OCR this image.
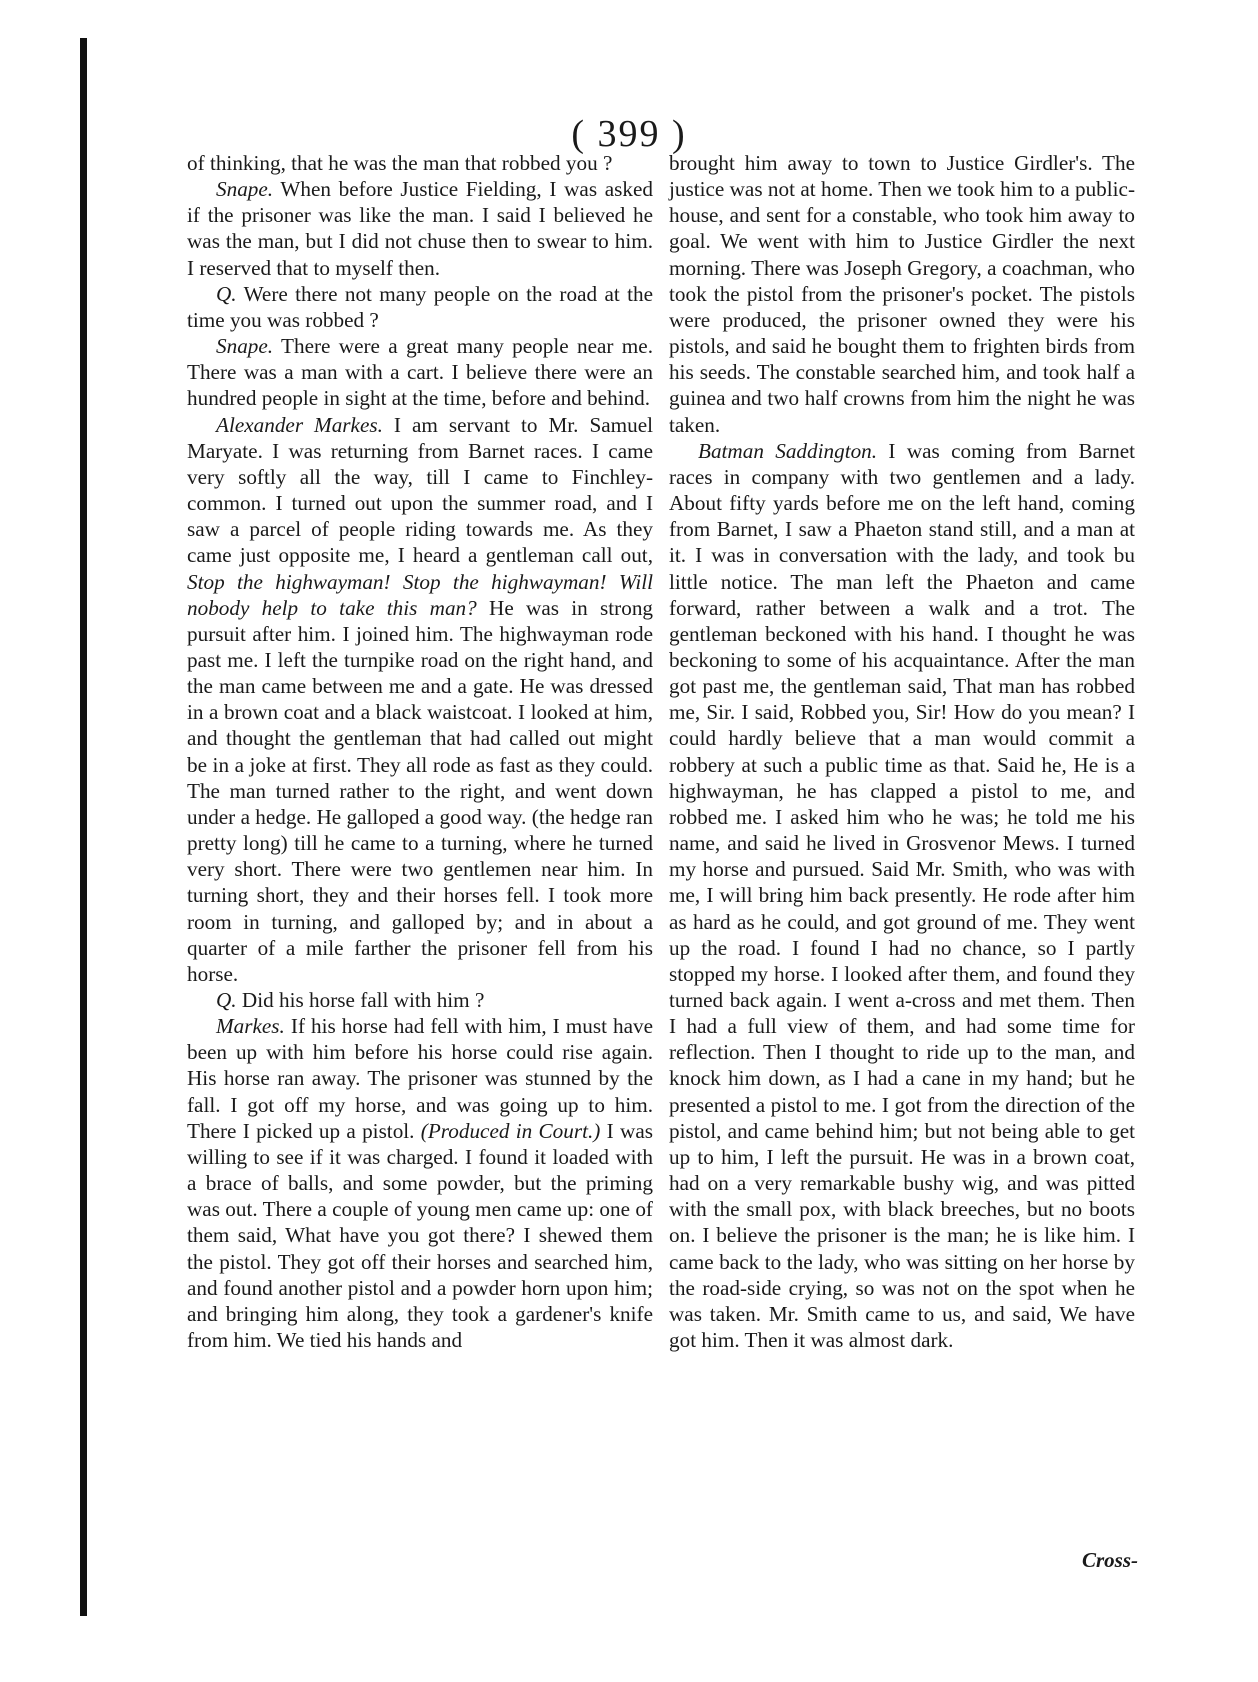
( 399 )

of thinking, that he was the man that robbed you ?

Snape. When before Justice Fielding, I was asked if the prisoner was like the man. I said I believed he was the man, but I did not chuse then to swear to him. I reserved that to myself then.

Q. Were there not many people on the road at the time you was robbed ?

Snape. There were a great many people near me. There was a man with a cart. I believe there were an hundred people in sight at the time, before and behind.

Alexander Markes. I am servant to Mr. Samuel Maryate. I was returning from Barnet races. I came very softly all the way, till I came to Finchley-common. I turned out upon the summer road, and I saw a parcel of people riding towards me. As they came just opposite me, I heard a gentleman call out, Stop the highwayman! Stop the highwayman! Will nobody help to take this man? He was in strong pursuit after him. I joined him. The highwayman rode past me. I left the turnpike road on the right hand, and the man came between me and a gate. He was dressed in a brown coat and a black waistcoat. I looked at him, and thought the gentleman that had called out might be in a joke at first. They all rode as fast as they could. The man turned rather to the right, and went down under a hedge. He galloped a good way. (the hedge ran pretty long) till he came to a turning, where he turned very short. There were two gentlemen near him. In turning short, they and their horses fell. I took more room in turning, and galloped by; and in about a quarter of a mile farther the prisoner fell from his horse.

Q. Did his horse fall with him ?

Markes. If his horse had fell with him, I must have been up with him before his horse could rise again. His horse ran away. The prisoner was stunned by the fall. I got off my horse, and was going up to him. There I picked up a pistol. (Produced in Court.) I was willing to see if it was charged. I found it loaded with a brace of balls, and some powder, but the priming was out. There a couple of young men came up: one of them said, What have you got there? I shewed them the pistol. They got off their horses and searched him, and found another pistol and a powder horn upon him; and bringing him along, they took a gardener's knife from him. We tied his hands and

brought him away to town to Justice Girdler's. The justice was not at home. Then we took him to a public-house, and sent for a constable, who took him away to goal. We went with him to Justice Girdler the next morning. There was Joseph Gregory, a coachman, who took the pistol from the prisoner's pocket. The pistols were produced, the prisoner owned they were his pistols, and said he bought them to frighten birds from his seeds. The constable searched him, and took half a guinea and two half crowns from him the night he was taken.

Batman Saddington. I was coming from Barnet races in company with two gentlemen and a lady. About fifty yards before me on the left hand, coming from Barnet, I saw a Phaeton stand still, and a man at it. I was in conversation with the lady, and took bu little notice. The man left the Phaeton and came forward, rather between a walk and a trot. The gentleman beckoned with his hand. I thought he was beckoning to some of his acquaintance. After the man got past me, the gentleman said, That man has robbed me, Sir. I said, Robbed you, Sir! How do you mean? I could hardly believe that a man would commit a robbery at such a public time as that. Said he, He is a highwayman, he has clapped a pistol to me, and robbed me. I asked him who he was; he told me his name, and said he lived in Grosvenor Mews. I turned my horse and pursued. Said Mr. Smith, who was with me, I will bring him back presently. He rode after him as hard as he could, and got ground of me. They went up the road. I found I had no chance, so I partly stopped my horse. I looked after them, and found they turned back again. I went a-cross and met them. Then I had a full view of them, and had some time for reflection. Then I thought to ride up to the man, and knock him down, as I had a cane in my hand; but he presented a pistol to me. I got from the direction of the pistol, and came behind him; but not being able to get up to him, I left the pursuit. He was in a brown coat, had on a very remarkable bushy wig, and was pitted with the small pox, with black breeches, but no boots on. I believe the prisoner is the man; he is like him. I came back to the lady, who was sitting on her horse by the road-side crying, so was not on the spot when he was taken. Mr. Smith came to us, and said, We have got him. Then it was almost dark.

Cross-
